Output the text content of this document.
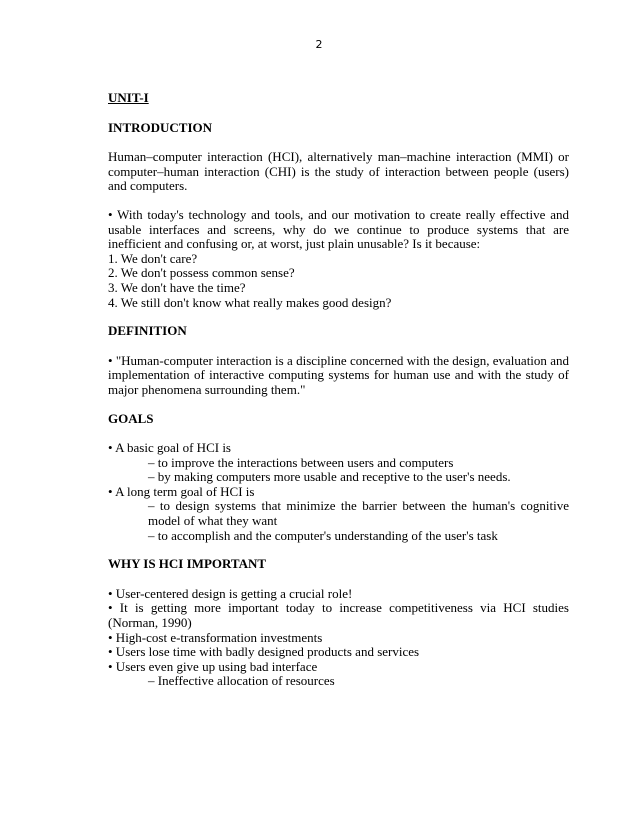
2
UNIT-I
INTRODUCTION
Human–computer interaction (HCI), alternatively man–machine interaction (MMI) or computer–human interaction (CHI) is the study of interaction between people (users) and computers.
• With today's technology and tools, and our motivation to create really effective and usable interfaces and screens, why do we continue to produce systems that are inefficient and confusing or, at worst, just plain unusable? Is it because:
1. We don't care?
2. We don't possess common sense?
3. We don't have the time?
4. We still don't know what really makes good design?
DEFINITION
• "Human-computer interaction is a discipline concerned with the design, evaluation and implementation of interactive computing systems for human use and with the study of major phenomena surrounding them."
GOALS
• A basic goal of HCI is
– to improve the interactions between users and computers
– by making computers more usable and receptive to the user's needs.
• A long term goal of HCI is
– to design systems that minimize the barrier between the human's cognitive model of what they want
– to accomplish and the computer's understanding of the user's task
WHY IS HCI IMPORTANT
• User-centered design is getting a crucial role!
• It is getting more important today to increase competitiveness via HCI studies (Norman, 1990)
• High-cost e-transformation investments
• Users lose time with badly designed products and services
• Users even give up using bad interface
– Ineffective allocation of resources
